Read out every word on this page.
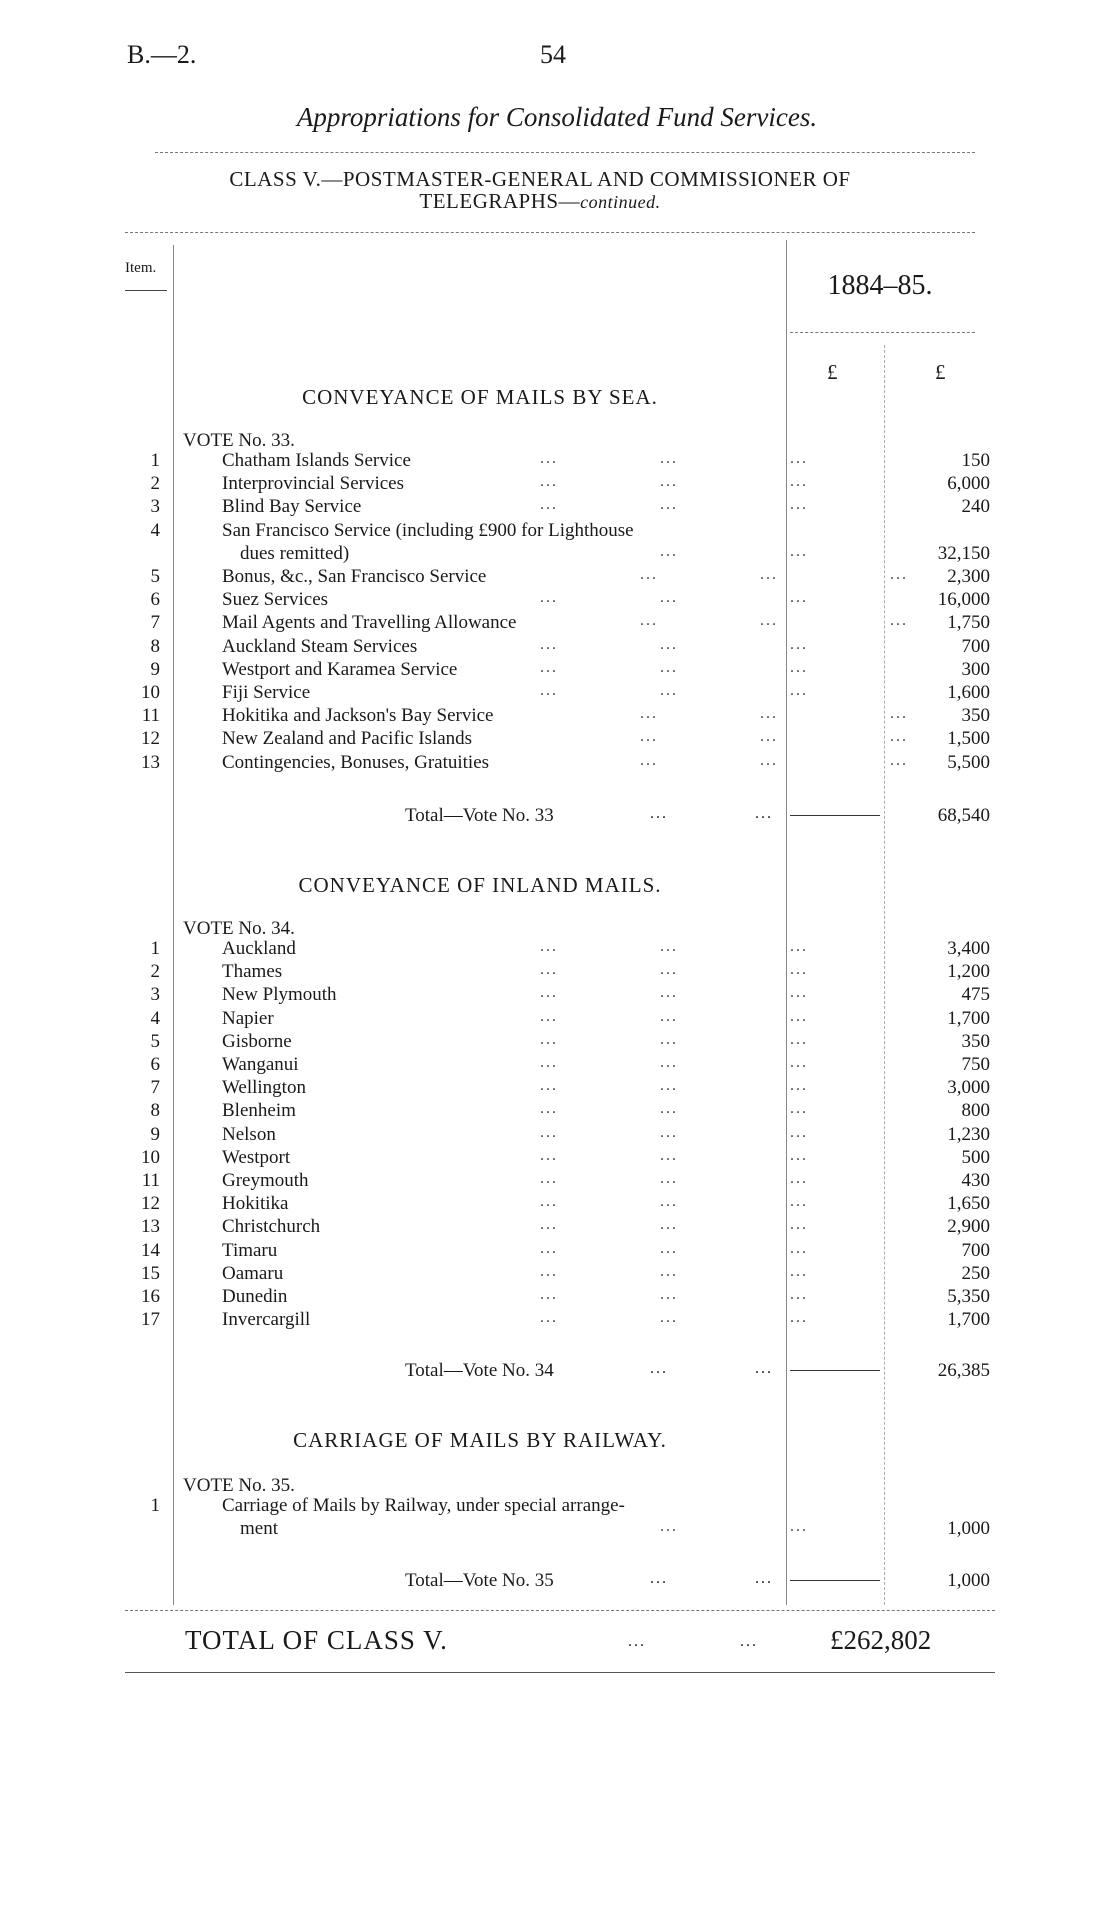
B.—2.	54
Appropriations for Consolidated Fund Services.
CLASS V.—POSTMASTER-GENERAL AND COMMISSIONER OF
TELEGRAPHS—continued.
Item.
1884–85.
£	£
CONVEYANCE OF MAILS BY SEA.
VOTE No. 33.
1	Chatham Islands Service	...	...	...	150
2	Interprovincial Services	...	...	...	6,000
3	Blind Bay Service	...	...	...	240
4	San Francisco Service (including £900 for Lighthouse
dues remitted)	...	...	32,150
5	Bonus, &c., San Francisco Service	...	...	...	2,300
6	Suez Services	...	...	...	16,000
7	Mail Agents and Travelling Allowance	...	...	...	1,750
8	Auckland Steam Services	...	...	...	700
9	Westport and Karamea Service	...	...	...	300
10	Fiji Service	...	...	...	1,600
11	Hokitika and Jackson's Bay Service	...	...	...	350
12	New Zealand and Pacific Islands	...	...	...	1,500
13	Contingencies, Bonuses, Gratuities	...	...	...	5,500
Total—Vote No. 33	...	...	68,540
CONVEYANCE OF INLAND MAILS.
VOTE No. 34.
1	Auckland	...	...	...	3,400
2	Thames	...	...	...	1,200
3	New Plymouth	...	...	...	475
4	Napier	...	...	...	1,700
5	Gisborne	...	...	...	350
6	Wanganui	...	...	...	750
7	Wellington	...	...	...	3,000
8	Blenheim	...	...	...	800
9	Nelson	...	...	...	1,230
10	Westport	...	...	...	500
11	Greymouth	...	...	...	430
12	Hokitika	...	...	...	1,650
13	Christchurch	...	...	...	2,900
14	Timaru	...	...	...	700
15	Oamaru	...	...	...	250
16	Dunedin	...	...	...	5,350
17	Invercargill	...	...	...	1,700
Total—Vote No. 34	...	...	26,385
CARRIAGE OF MAILS BY RAILWAY.
VOTE No. 35.
1	Carriage of Mails by Railway, under special arrange-
ment	...	...	1,000
Total—Vote No. 35	...	...	1,000
TOTAL OF CLASS V.	...	...	£262,802
